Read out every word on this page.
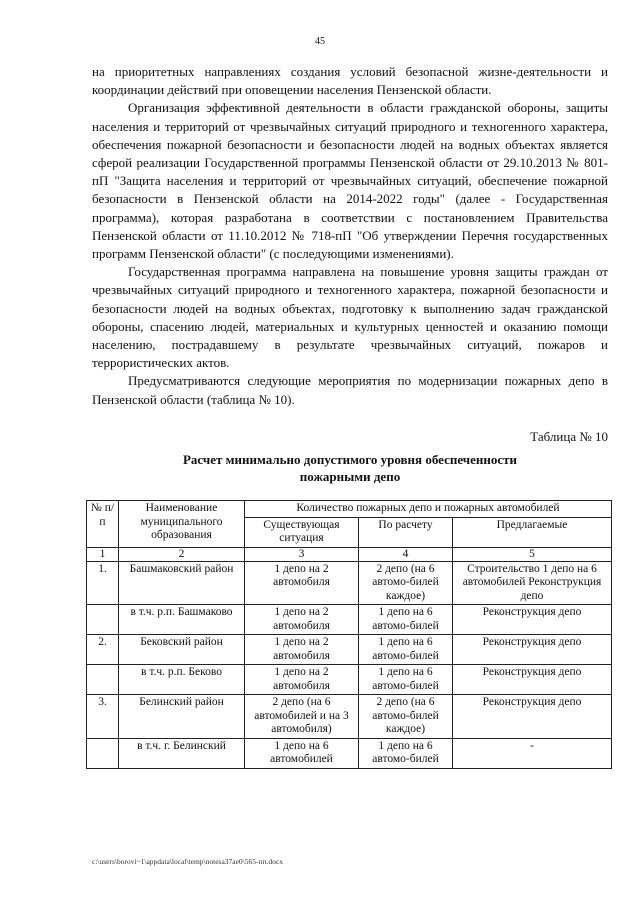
45

на приоритетных направлениях создания условий безопасной жизне-деятельности и координации действий при оповещении населения Пензенской области.

Организация эффективной деятельности в области гражданской обороны, защиты населения и территорий от чрезвычайных ситуаций природного и техногенного характера, обеспечения пожарной безопасности и безопасности людей на водных объектах является сферой реализации Государственной программы Пензенской области от 29.10.2013 № 801-пП "Защита населения и территорий от чрезвычайных ситуаций, обеспечение пожарной безопасности в Пензенской области на 2014-2022 годы" (далее - Государственная программа), которая разработана в соответствии с постановлением Правительства Пензенской области от 11.10.2012 № 718-пП "Об утверждении Перечня государственных программ Пензенской области" (с последующими изменениями).

Государственная программа направлена на повышение уровня защиты граждан от чрезвычайных ситуаций природного и техногенного характера, пожарной безопасности и безопасности людей на водных объектах, подготовку к выполнению задач гражданской обороны, спасению людей, материальных и культурных ценностей и оказанию помощи населению, пострадавшему в результате чрезвычайных ситуаций, пожаров и террористических актов.

Предусматриваются следующие мероприятия по модернизации пожарных депо в Пензенской области (таблица № 10).

Таблица № 10
Расчет минимально допустимого уровня обеспеченности
пожарными депо
№ п/п	Наименование муниципального образования	Количество пожарных депо и пожарных автомобилей		
		Существующая ситуация	По расчету	Предлагаемые
1	2	3	4	5
1.	Башмаковский район	1 депо на 2 автомобиля	2 депо (на 6 автомо-билей каждое)	Строительство 1 депо на 6 автомобилей Реконструкция депо
	в т.ч. р.п. Башмаково	1 депо на 2 автомобиля	1 депо на 6 автомо-билей	Реконструкция депо
2.	Бековский район	1 депо на 2 автомобиля	1 депо на 6 автомо-билей	Реконструкция депо
	в т.ч. р.п. Беково	1 депо на 2 автомобиля	1 депо на 6 автомо-билей	Реконструкция депо
3.	Белинский район	2 депо (на 6 автомобилей и на 3 автомобиля)	2 депо (на 6 автомо-билей каждое)	Реконструкция депо
	в т.ч. г. Белинский	1 депо на 6 автомобилей	1 депо на 6 автомо-билей	-
c:\users\borovi~1\appdata\local\temp\notesa37ae0\565-пп.docx
